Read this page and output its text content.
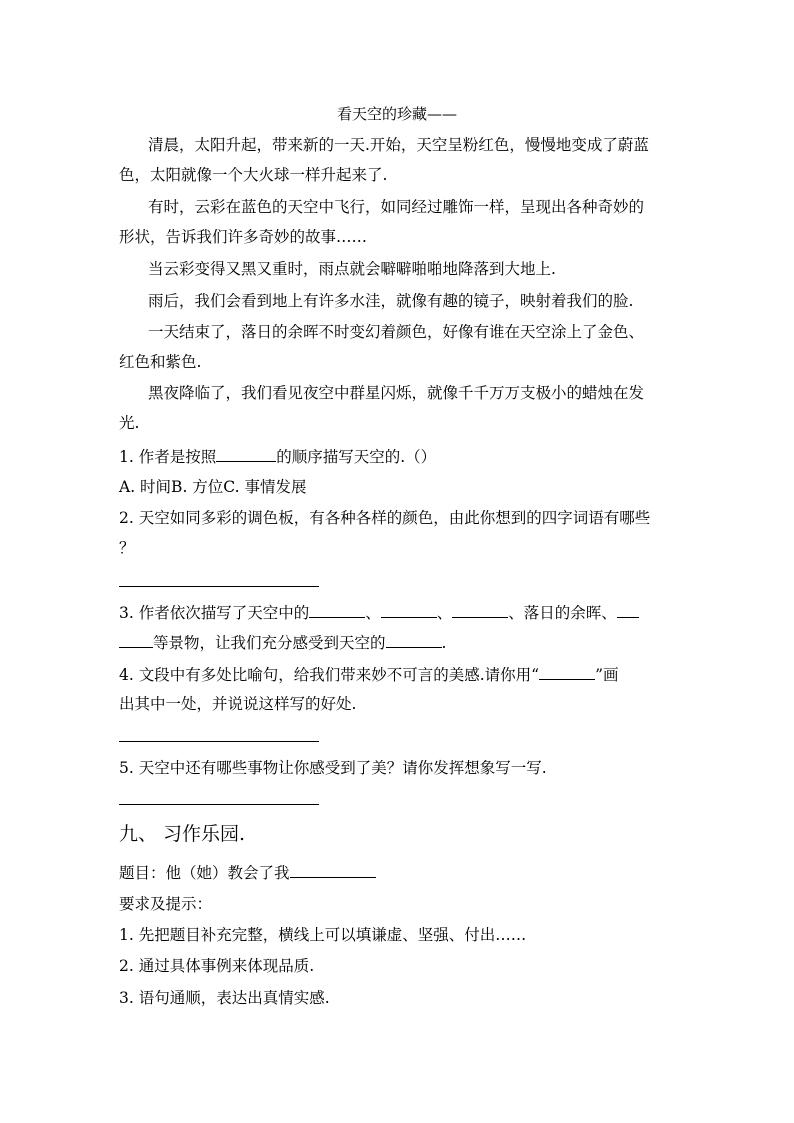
看天空的珍藏——
清晨，太阳升起，带来新的一天.开始，天空呈粉红色，慢慢地变成了蔚蓝
色，太阳就像一个大火球一样升起来了.
有时，云彩在蓝色的天空中飞行，如同经过雕饰一样，呈现出各种奇妙的
形状，告诉我们许多奇妙的故事……
当云彩变得又黑又重时，雨点就会噼噼啪啪地降落到大地上.
雨后，我们会看到地上有许多水洼，就像有趣的镜子，映射着我们的脸.
一天结束了，落日的余晖不时变幻着颜色，好像有谁在天空涂上了金色、
红色和紫色.
黑夜降临了，我们看见夜空中群星闪烁，就像千千万万支极小的蜡烛在发
光.
1. 作者是按照	的顺序描写天空的.（）
A. 时间B. 方位C. 事情发展
2. 天空如同多彩的调色板，有各种各样的颜色，由此你想到的四字词语有哪些
？
3. 作者依次描写了天空中的	、	、	、落日的余晖、
等景物，让我们充分感受到天空的	.
4. 文段中有多处比喻句，给我们带来妙不可言的美感.请你用“	”画
出其中一处，并说说这样写的好处.
5. 天空中还有哪些事物让你感受到了美？请你发挥想象写一写.
九、 习作乐园.
题目：他（她）教会了我
要求及提示：
1. 先把题目补充完整，横线上可以填谦虚、坚强、付出……
2. 通过具体事例来体现品质.
3. 语句通顺，表达出真情实感.
